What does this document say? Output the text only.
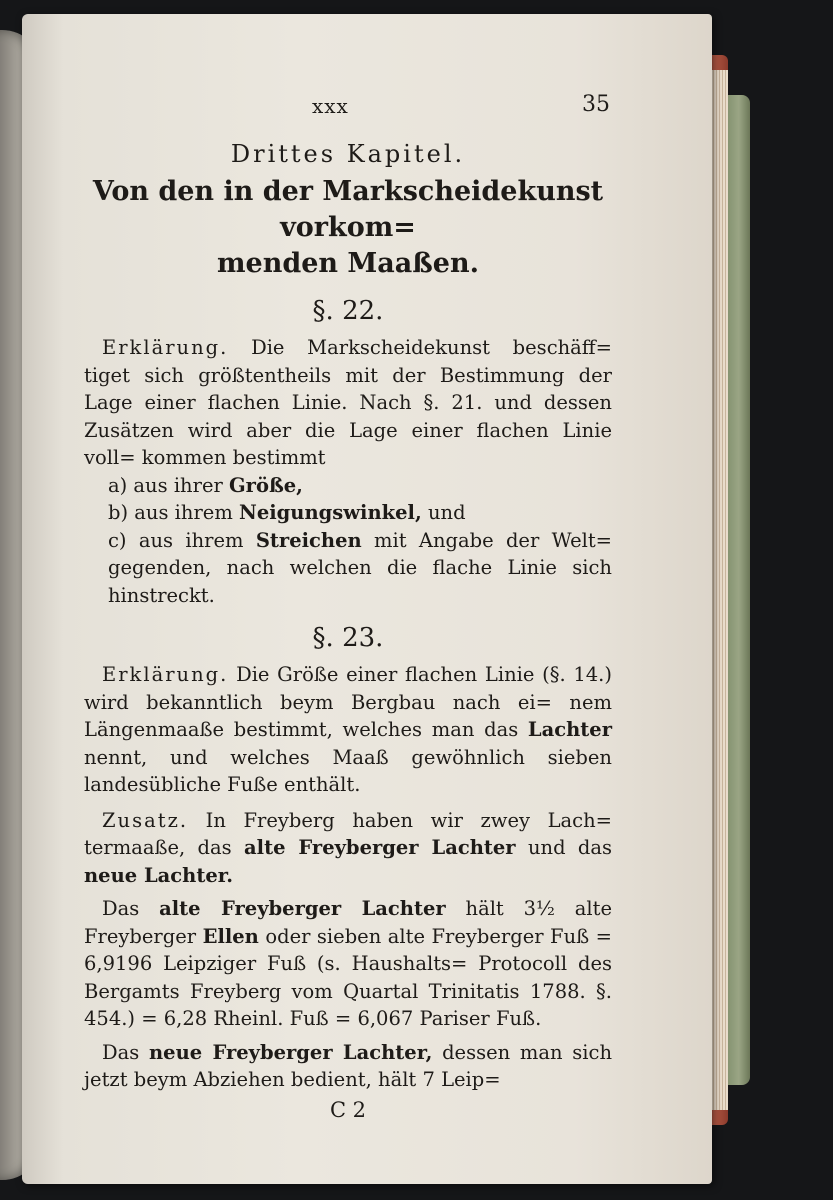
xxx	35
Drittes Kapitel.
Von den in der Markscheidekunst vorkom=
menden Maaßen.
§. 22.

Erklärung. Die Markscheidekunst beschäff= tiget sich größtentheils mit der Bestimmung der Lage einer flachen Linie. Nach §. 21. und dessen Zusätzen wird aber die Lage einer flachen Linie voll= kommen bestimmt

a) aus ihrer Größe,
b) aus ihrem Neigungswinkel, und

c) aus ihrem Streichen mit Angabe der Welt= gegenden, nach welchen die flache Linie sich hinstreckt.

§. 23.

Erklärung. Die Größe einer flachen Linie (§. 14.) wird bekanntlich beym Bergbau nach ei= nem Längenmaaße bestimmt, welches man das Lachter nennt, und welches Maaß gewöhnlich sieben landesübliche Fuße enthält.

Zusatz. In Freyberg haben wir zwey Lach= termaaße, das alte Freyberger Lachter und das neue Lachter.

Das alte Freyberger Lachter hält 3½ alte Freyberger Ellen oder sieben alte Freyberger Fuß = 6,9196 Leipziger Fuß (s. Haushalts= Protocoll des Bergamts Freyberg vom Quartal Trinitatis 1788. §. 454.) = 6,28 Rheinl. Fuß = 6,067 Pariser Fuß.

Das neue Freyberger Lachter, dessen man sich jetzt beym Abziehen bedient, hält 7 Leip=

C 2
